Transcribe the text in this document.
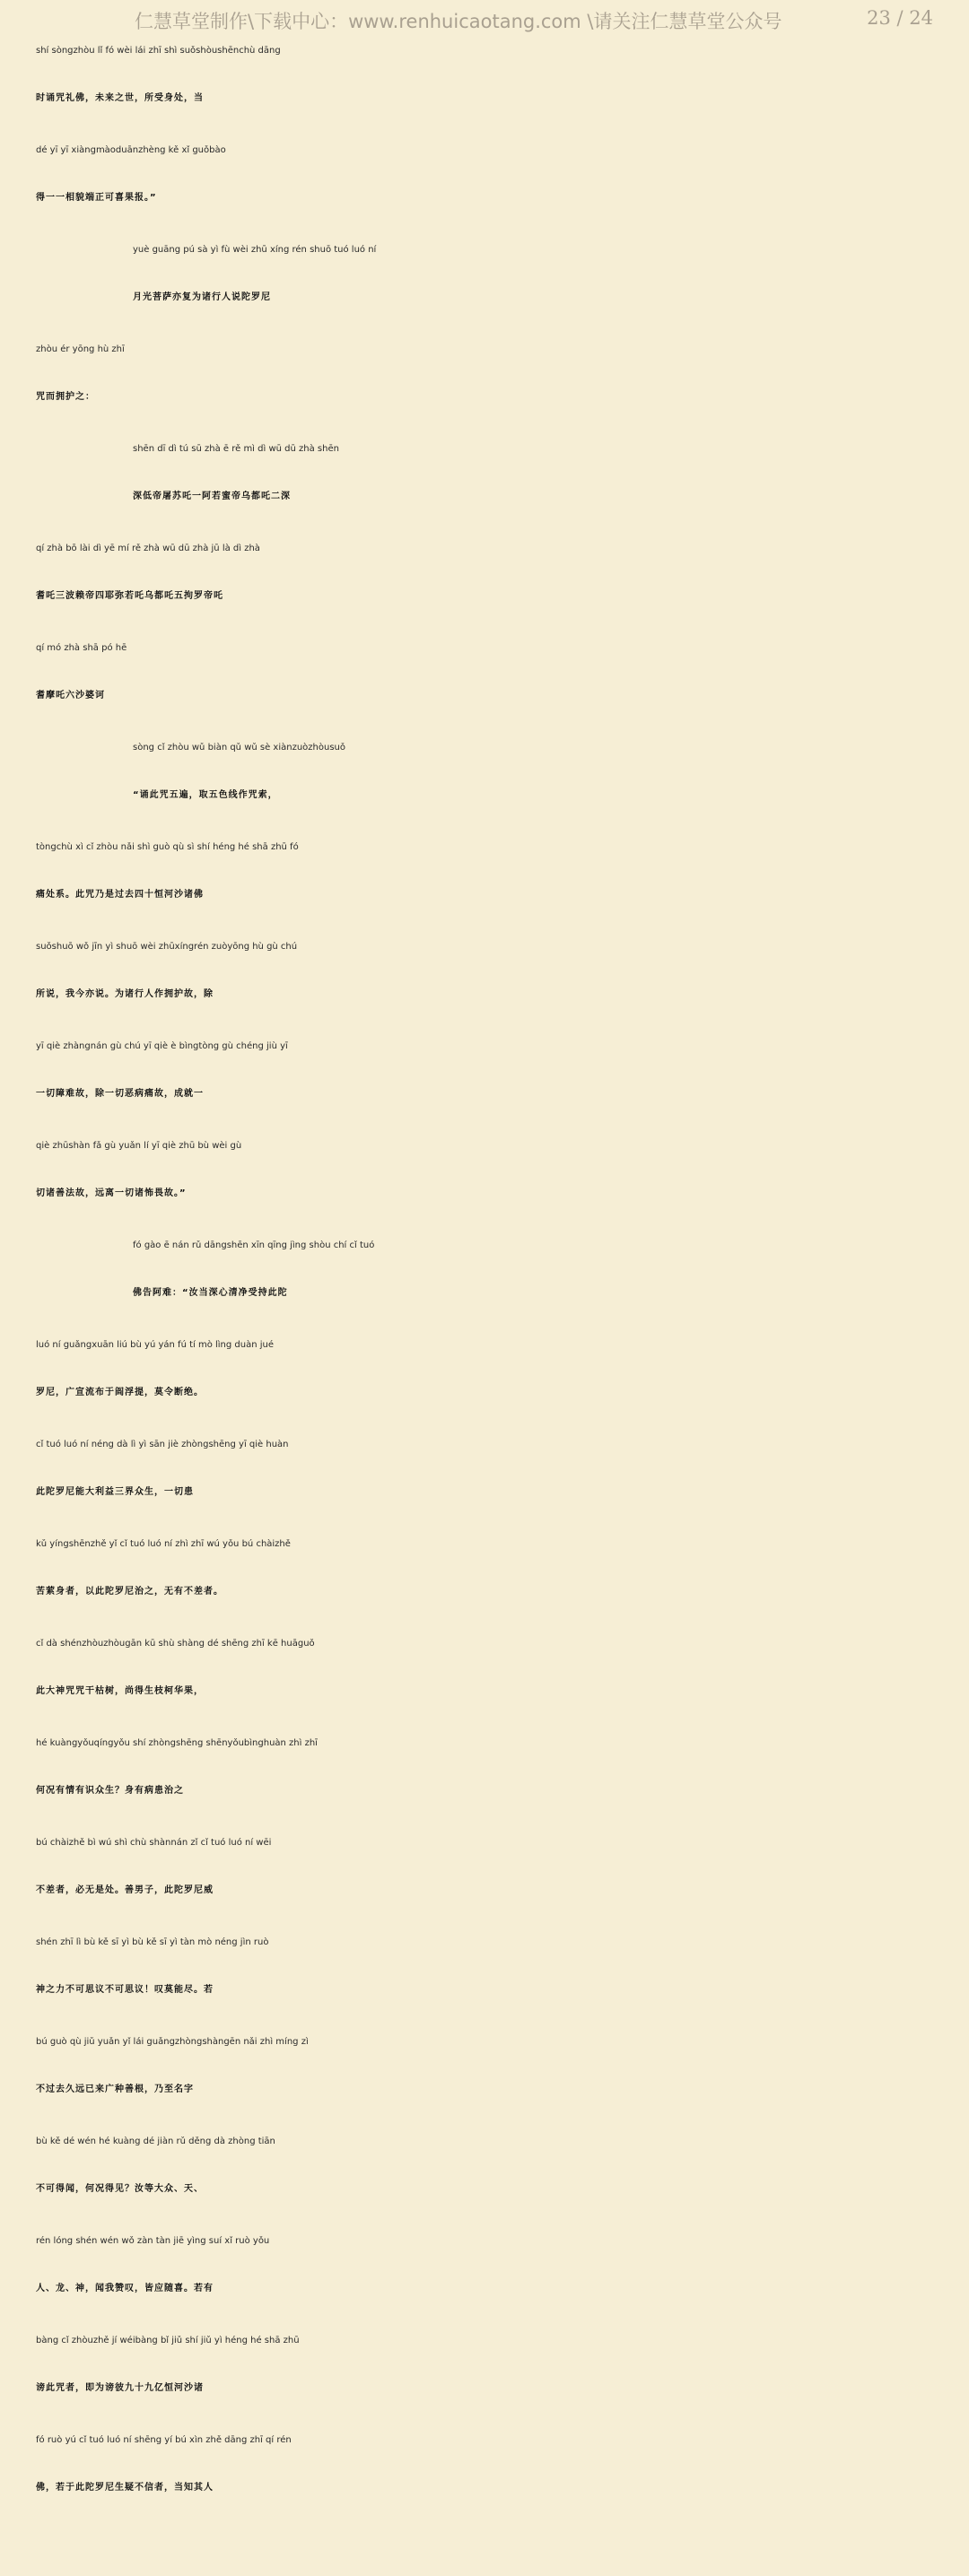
仁慧草堂制作\下载中心：www.renhuicaotang.com \请关注仁慧草堂公众号	23 / 24
shí sòngzhòu lǐ fó wèi lái zhī shì suǒshòushēnchù dāng
时诵咒礼佛，未来之世，所受身处，当
dé yī yī xiàngmàoduānzhèng kě xǐ guǒbào
得一一相貌端正可喜果报。”
yuè guāng pú sà yì fù wèi zhū xíng rén shuō tuó luó ní
月光菩萨亦复为诸行人说陀罗尼
zhòu ér yōng hù zhī
咒而拥护之：
shēn dī dì tú sū zhà ē rě mì dì wū dū zhà shēn
深低帝屠苏吒一阿若蜜帝乌都吒二深
qí zhà bō lài dì yē mí rě zhà wū dū zhà jū là dì zhà
耆吒三波赖帝四耶弥若吒乌都吒五拘罗帝吒
qí mó zhà shā pó hē
耆摩吒六沙婆诃
sòng cǐ zhòu wǔ biàn qǔ wǔ sè xiànzuòzhòusuǒ
“诵此咒五遍，取五色线作咒索，
tòngchù xì cǐ zhòu nǎi shì guò qù sì shí héng hé shā zhū fó
痛处系。此咒乃是过去四十恒河沙诸佛
suǒshuō wǒ jīn yì shuō wèi zhūxíngrén zuòyōng hù gù chú
所说，我今亦说。为诸行人作拥护故，除
yī qiè zhàngnán gù chú yī qiè è bìngtòng gù chéng jiù yī
一切障难故，除一切恶病痛故，成就一
qiè zhūshàn fǎ gù yuǎn lí yī qiè zhū bù wèi gù
切诸善法故，远离一切诸怖畏故。”
fó gào ē nán rǔ dāngshēn xīn qīng jìng shòu chí cǐ tuó
佛告阿难：“汝当深心清净受持此陀
luó ní guǎngxuān liú bù yú yán fú tí mò lìng duàn jué
罗尼，广宣流布于阎浮提，莫令断绝。
cǐ tuó luó ní néng dà lì yì sān jiè zhòngshēng yī qiè huàn
此陀罗尼能大利益三界众生，一切患
kǔ yíngshēnzhě yǐ cǐ tuó luó ní zhì zhī wú yǒu bú chàizhě
苦萦身者，以此陀罗尼治之，无有不差者。
cǐ dà shénzhòuzhòugān kū shù shàng dé shēng zhī kē huāguǒ
此大神咒咒干枯树，尚得生枝柯华果，
hé kuàngyǒuqíngyǒu shí zhòngshēng shēnyǒubìnghuàn zhì zhī
何况有情有识众生？身有病患治之
bú chàizhě bì wú shì chù shànnán zǐ cǐ tuó luó ní wēi
不差者，必无是处。善男子，此陀罗尼威
shén zhī lì bù kě sī yì bù kě sī yì tàn mò néng jìn ruò
神之力不可思议不可思议！叹莫能尽。若
bú guò qù jiǔ yuǎn yǐ lái guǎngzhòngshàngēn nǎi zhì míng zì
不过去久远已来广种善根，乃至名字
bù kě dé wén hé kuàng dé jiàn rǔ děng dà zhòng tiān
不可得闻，何况得见？汝等大众、天、
rén lóng shén wén wǒ zàn tàn jiē yìng suí xǐ ruò yǒu
人、龙、神，闻我赞叹，皆应随喜。若有
bàng cǐ zhòuzhě jí wéibàng bǐ jiǔ shí jiǔ yì héng hé shā zhū
谤此咒者，即为谤彼九十九亿恒河沙诸
fó ruò yú cǐ tuó luó ní shēng yí bú xìn zhě dāng zhī qí rén
佛，若于此陀罗尼生疑不信者，当知其人
